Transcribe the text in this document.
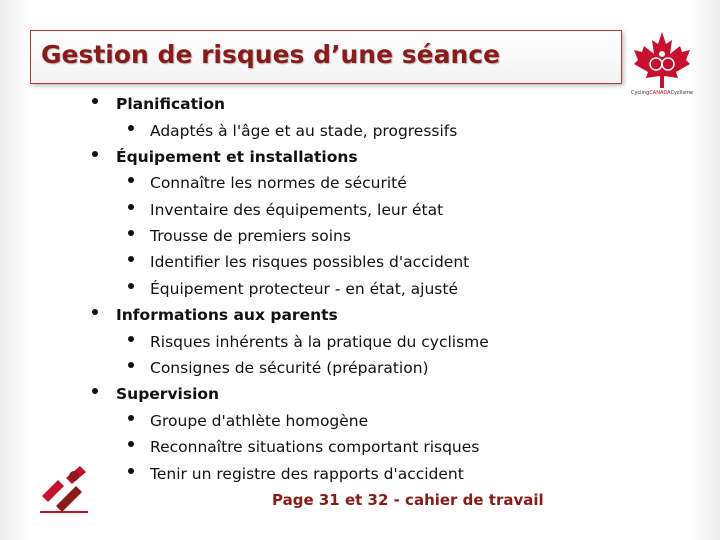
Gestion de risques d’une séance
CyclingCANADACyclisme
Planification
Adaptés à l'âge et au stade, progressifs
Équipement et installations
Connaître les normes de sécurité
Inventaire des équipements, leur état
Trousse de premiers soins
Identifier les risques possibles d'accident
Équipement protecteur - en état, ajusté
Informations aux parents
Risques inhérents à la pratique du cyclisme
Consignes de sécurité (préparation)
Supervision
Groupe d'athlète homogène
Reconnaître situations comportant risques
Tenir un registre des rapports d'accident
Page 31 et 32 - cahier de travail
